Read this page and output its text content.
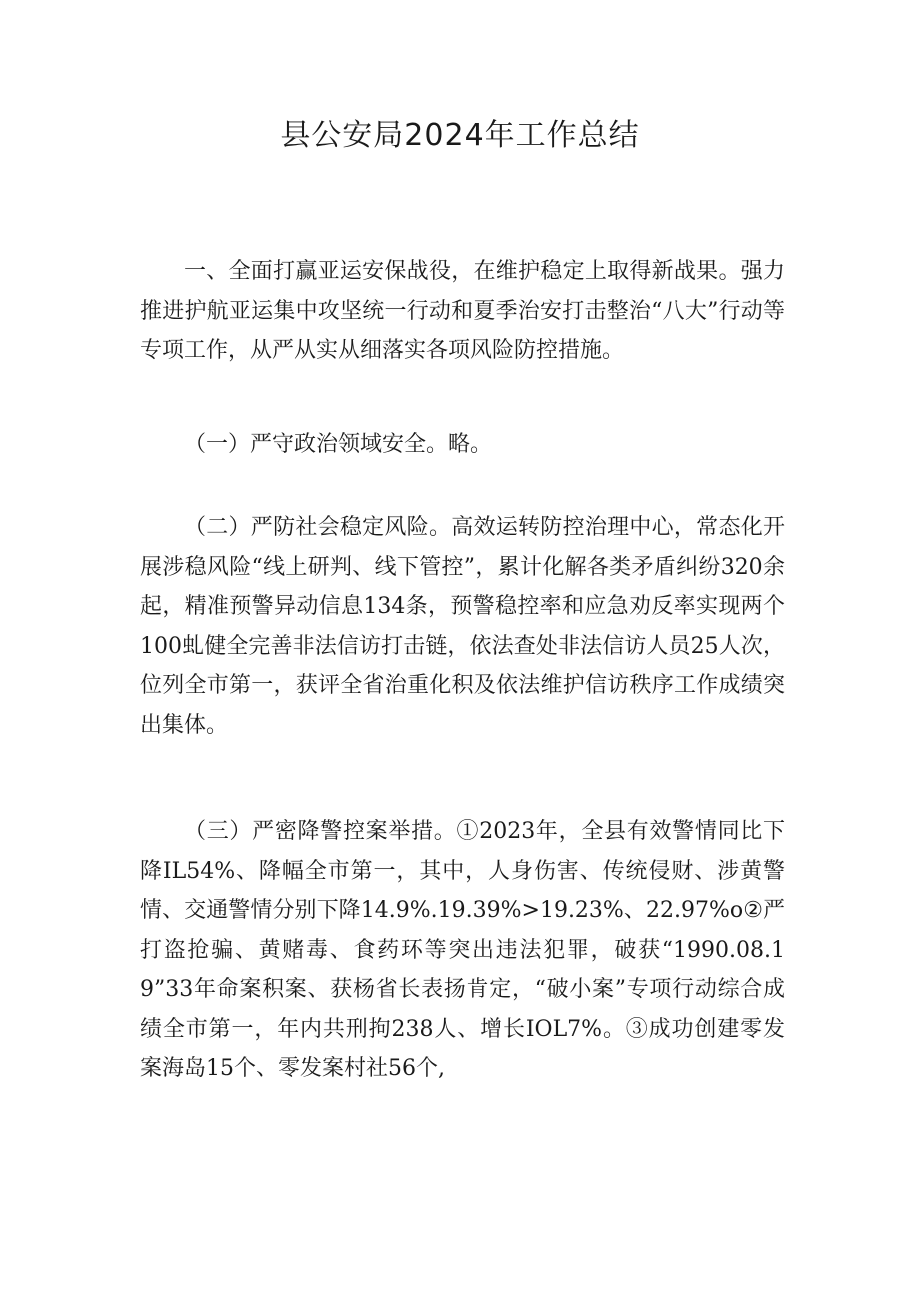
县公安局2024年工作总结

一、全面打赢亚运安保战役，在维护稳定上取得新战果。强力推进护航亚运集中攻坚统一行动和夏季治安打击整治“八大”行动等专项工作，从严从实从细落实各项风险防控措施。

（一）严守政治领域安全。略。

（二）严防社会稳定风险。高效运转防控治理中心，常态化开展涉稳风险“线上研判、线下管控”，累计化解各类矛盾纠纷320余起，精准预警异动信息134条，预警稳控率和应急劝反率实现两个100虬健全完善非法信访打击链，依法查处非法信访人员25人次，位列全市第一，获评全省治重化积及依法维护信访秩序工作成绩突出集体。

（三）严密降警控案举措。①2023年，全县有效警情同比下降IL54%、降幅全市第一，其中，人身伤害、传统侵财、涉黄警情、交通警情分别下降14.9%.19.39%>19.23%、22.97%o②严打盗抢骗、黄赌毒、食药环等突出违法犯罪，破获“1990.08.19”33年命案积案、获杨省长表扬肯定，“破小案”专项行动综合成绩全市第一，年内共刑拘238人、增长IOL7%。③成功创建零发案海岛15个、零发案村社56个,
